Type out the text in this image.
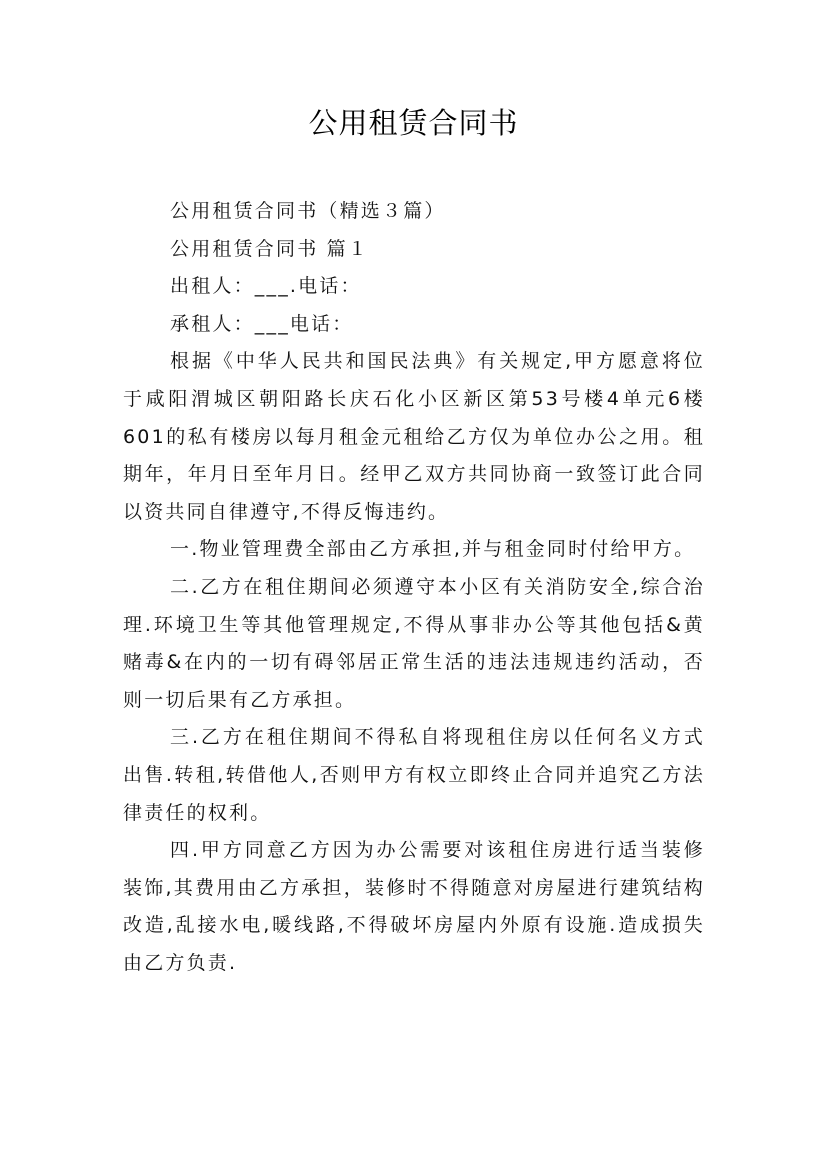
公用租赁合同书

公用租赁合同书（精选３篇）

公用租赁合同书 篇１

出租人：___.电话：

承租人：___电话：

根据《中华人民共和国民法典》有关规定,甲方愿意将位于咸阳渭城区朝阳路长庆石化小区新区第53号楼4单元6楼601的私有楼房以每月租金元租给乙方仅为单位办公之用。租期年，年月日至年月日。经甲乙双方共同协商一致签订此合同以资共同自律遵守,不得反悔违约。

一.物业管理费全部由乙方承担,并与租金同时付给甲方。

二.乙方在租住期间必须遵守本小区有关消防安全,综合治理.环境卫生等其他管理规定,不得从事非办公等其他包括&黄赌毒&在内的一切有碍邻居正常生活的违法违规违约活动，否则一切后果有乙方承担。

三.乙方在租住期间不得私自将现租住房以任何名义方式出售.转租,转借他人,否则甲方有权立即终止合同并追究乙方法律责任的权利。

四.甲方同意乙方因为办公需要对该租住房进行适当装修装饰,其费用由乙方承担，装修时不得随意对房屋进行建筑结构改造,乱接水电,暖线路,不得破坏房屋内外原有设施.造成损失由乙方负责.
